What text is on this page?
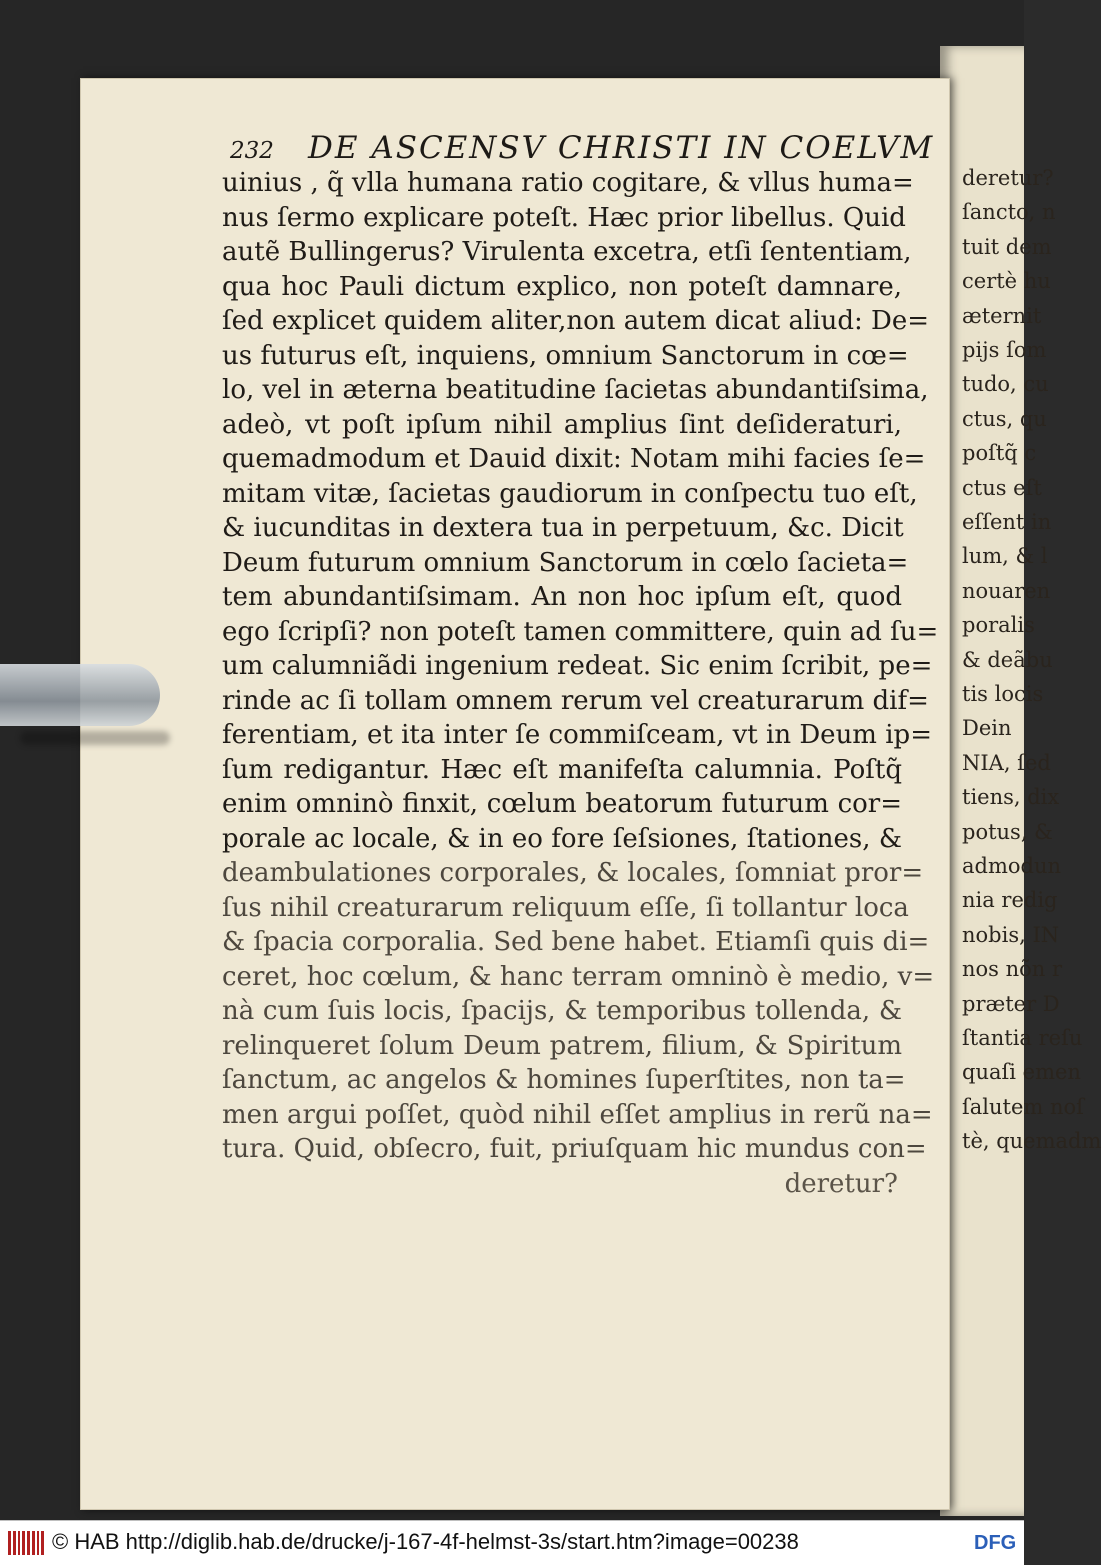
deretur?
ſancto, n
tuit dem
certè hu
æternit
pijs ſom
tudo, cu
ctus, qu
poſtq̃ c
ctus eſt
eſſent in
lum, & l
nouaren
poralis
& deãbu
tis locis
Dein
NIA, ſed
tiens, dix
potus, &
admodun
nia redig
nobis, IN
nos nõn r
præter D
ſtantia reſu
quaſi emen
ſalutem noſ
tè, quemadm
232 DE ASCENSV CHRISTI IN COELVM
uinius , q̃ vlla humana ratio cogitare, & vllus huma=
nus ſermo explicare poteſt. Hæc prior libellus. Quid
autẽ Bullingerus? Virulenta excetra, etſi ſententiam,
qua hoc Pauli dictum explico, non poteſt damnare,
ſed explicet quidem aliter,non autem dicat aliud: De=
us futurus eſt, inquiens, omnium Sanctorum in cœ=
lo, vel in æterna beatitudine ſacietas abundantiſsima,
adeò, vt poſt ipſum nihil amplius ſint deſideraturi,
quemadmodum et Dauid dixit: Notam mihi facies ſe=
mitam vitæ, ſacietas gaudiorum in conſpectu tuo eſt,
& iucunditas in dextera tua in perpetuum, &c. Dicit
Deum futurum omnium Sanctorum in cœlo ſacieta=
tem abundantiſsimam. An non hoc ipſum eſt, quod
ego ſcripſi? non poteſt tamen committere, quin ad ſu=
um calumniãdi ingenium redeat. Sic enim ſcribit, pe=
rinde ac ſi tollam omnem rerum vel creaturarum dif=
ferentiam, et ita inter ſe commiſceam, vt in Deum ip=
ſum redigantur. Hæc eſt manifeſta calumnia. Poſtq̃
enim omninò finxit, cœlum beatorum futurum cor=
porale ac locale, & in eo fore ſeſsiones, ſtationes, &
deambulationes corporales, & locales, ſomniat pror=
ſus nihil creaturarum reliquum eſſe, ſi tollantur loca
& ſpacia corporalia. Sed bene habet. Etiamſi quis di=
ceret, hoc cœlum, & hanc terram omninò è medio, v=
nà cum ſuis locis, ſpacijs, & temporibus tollenda, &
relinqueret ſolum Deum patrem, filium, & Spiritum
ſanctum, ac angelos & homines ſuperſtites, non ta=
men argui poſſet, quòd nihil eſſet amplius in rerũ na=
tura. Quid, obſecro, fuit, priuſquam hic mundus con=
deretur?
© HAB http://diglib.hab.de/drucke/j-167-4f-helmst-3s/start.htm?image=00238	DFG
